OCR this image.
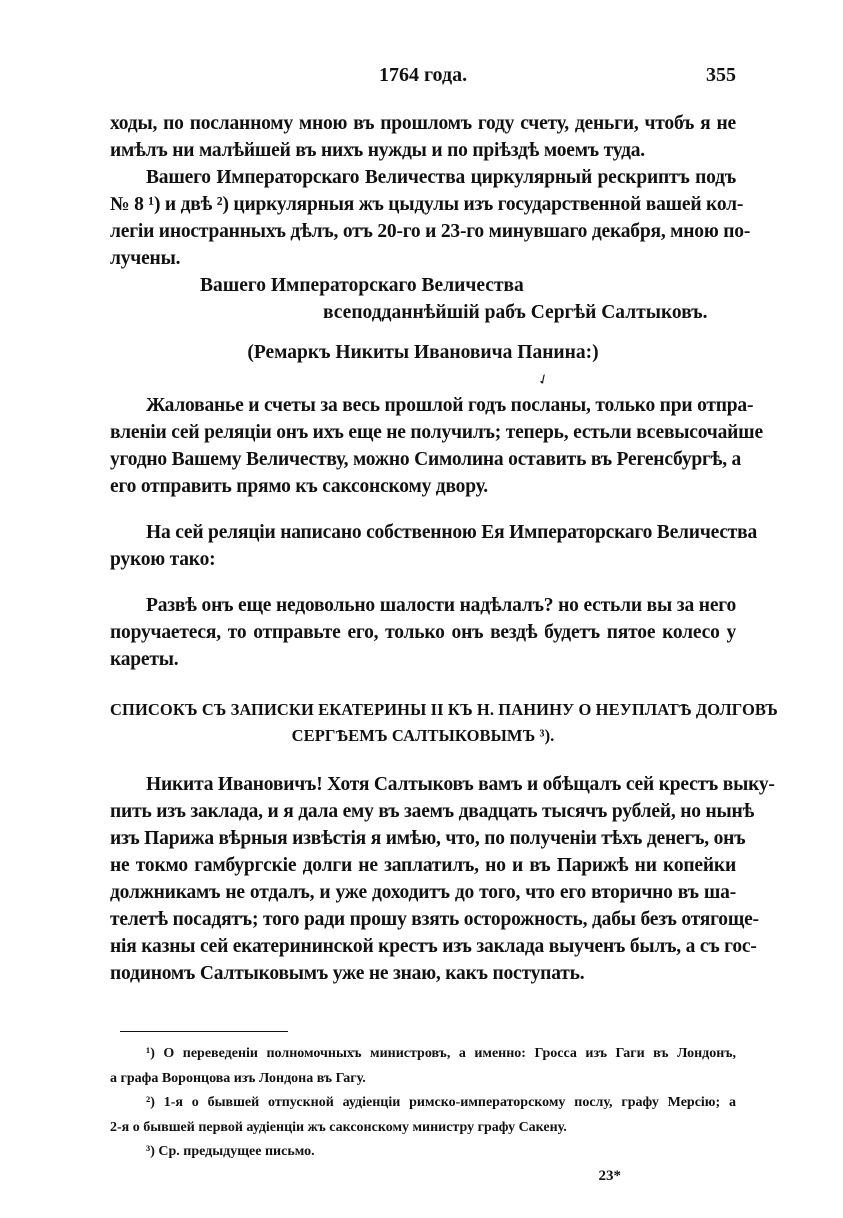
1764 года.	355
ходы, по посланному мною въ прошломъ году счету, деньги, чтобъ я не
имѣлъ ни малѣйшей въ нихъ нужды и по пріѣздѣ моемъ туда.
Вашего Императорскаго Величества циркулярный рескриптъ подъ
№ 8 ¹) и двѣ ²) циркулярныя жъ цыдулы изъ государственной вашей кол-
легіи иностранныхъ дѣлъ, отъ 20-го и 23-го минувшаго декабря, мною по-
лучены.
Вашего Императорскаго Величества
всеподданнѣйшій рабъ Сергѣй Салтыковъ.
(Ремаркъ Никиты Ивановича Панина:)
Жалованье и счеты за весь прошлой годъ посланы, только при отпра-
вленіи сей реляціи онъ ихъ еще не получилъ; теперь, естьли всевысочайше
угодно Вашему Величеству, можно Симолина оставить въ Регенсбургѣ, а
его отправить прямо къ саксонскому двору.
На сей реляціи написано собственною Ея Императорскаго Величества
рукою тако:
Развѣ онъ еще недовольно шалости надѣлалъ? но естьли вы за него
поручаетеся, то отправьте его, только онъ вездѣ будетъ пятое колесо у
кареты.
СПИСОКЪ СЪ ЗАПИСКИ ЕКАТЕРИНЫ II КЪ Н. ПАНИНУ О НЕУПЛАТѢ ДОЛГОВЪ
СЕРГѢЕМЪ САЛТЫКОВЫМЪ ³).
Никита Ивановичъ! Хотя Салтыковъ вамъ и обѣщалъ сей крестъ выку-
пить изъ заклада, и я дала ему въ заемъ двадцать тысячъ рублей, но нынѣ
изъ Парижа вѣрныя извѣстія я имѣю, что, по полученіи тѣхъ денегъ, онъ
не токмо гамбургскіе долги не заплатилъ, но и въ Парижѣ ни копейки
должникамъ не отдалъ, и уже доходитъ до того, что его вторично въ ша-
телетѣ посадятъ; того ради прошу взять осторожность, дабы безъ отягоще-
нія казны сей екатерининской крестъ изъ заклада выученъ былъ, а съ гос-
подиномъ Салтыковымъ уже не знаю, какъ поступать.
✓
¹) О переведеніи полномочныхъ министровъ, а именно: Гросса изъ Гаги въ Лондонъ,
а графа Воронцова изъ Лондона въ Гагу.
²) 1-я о бывшей отпускной аудіенціи римско-императорскому послу, графу Мерсію; а
2-я о бывшей первой аудіенціи жъ саксонскому министру графу Сакену.
³) Ср. предыдущее письмо.
23*
